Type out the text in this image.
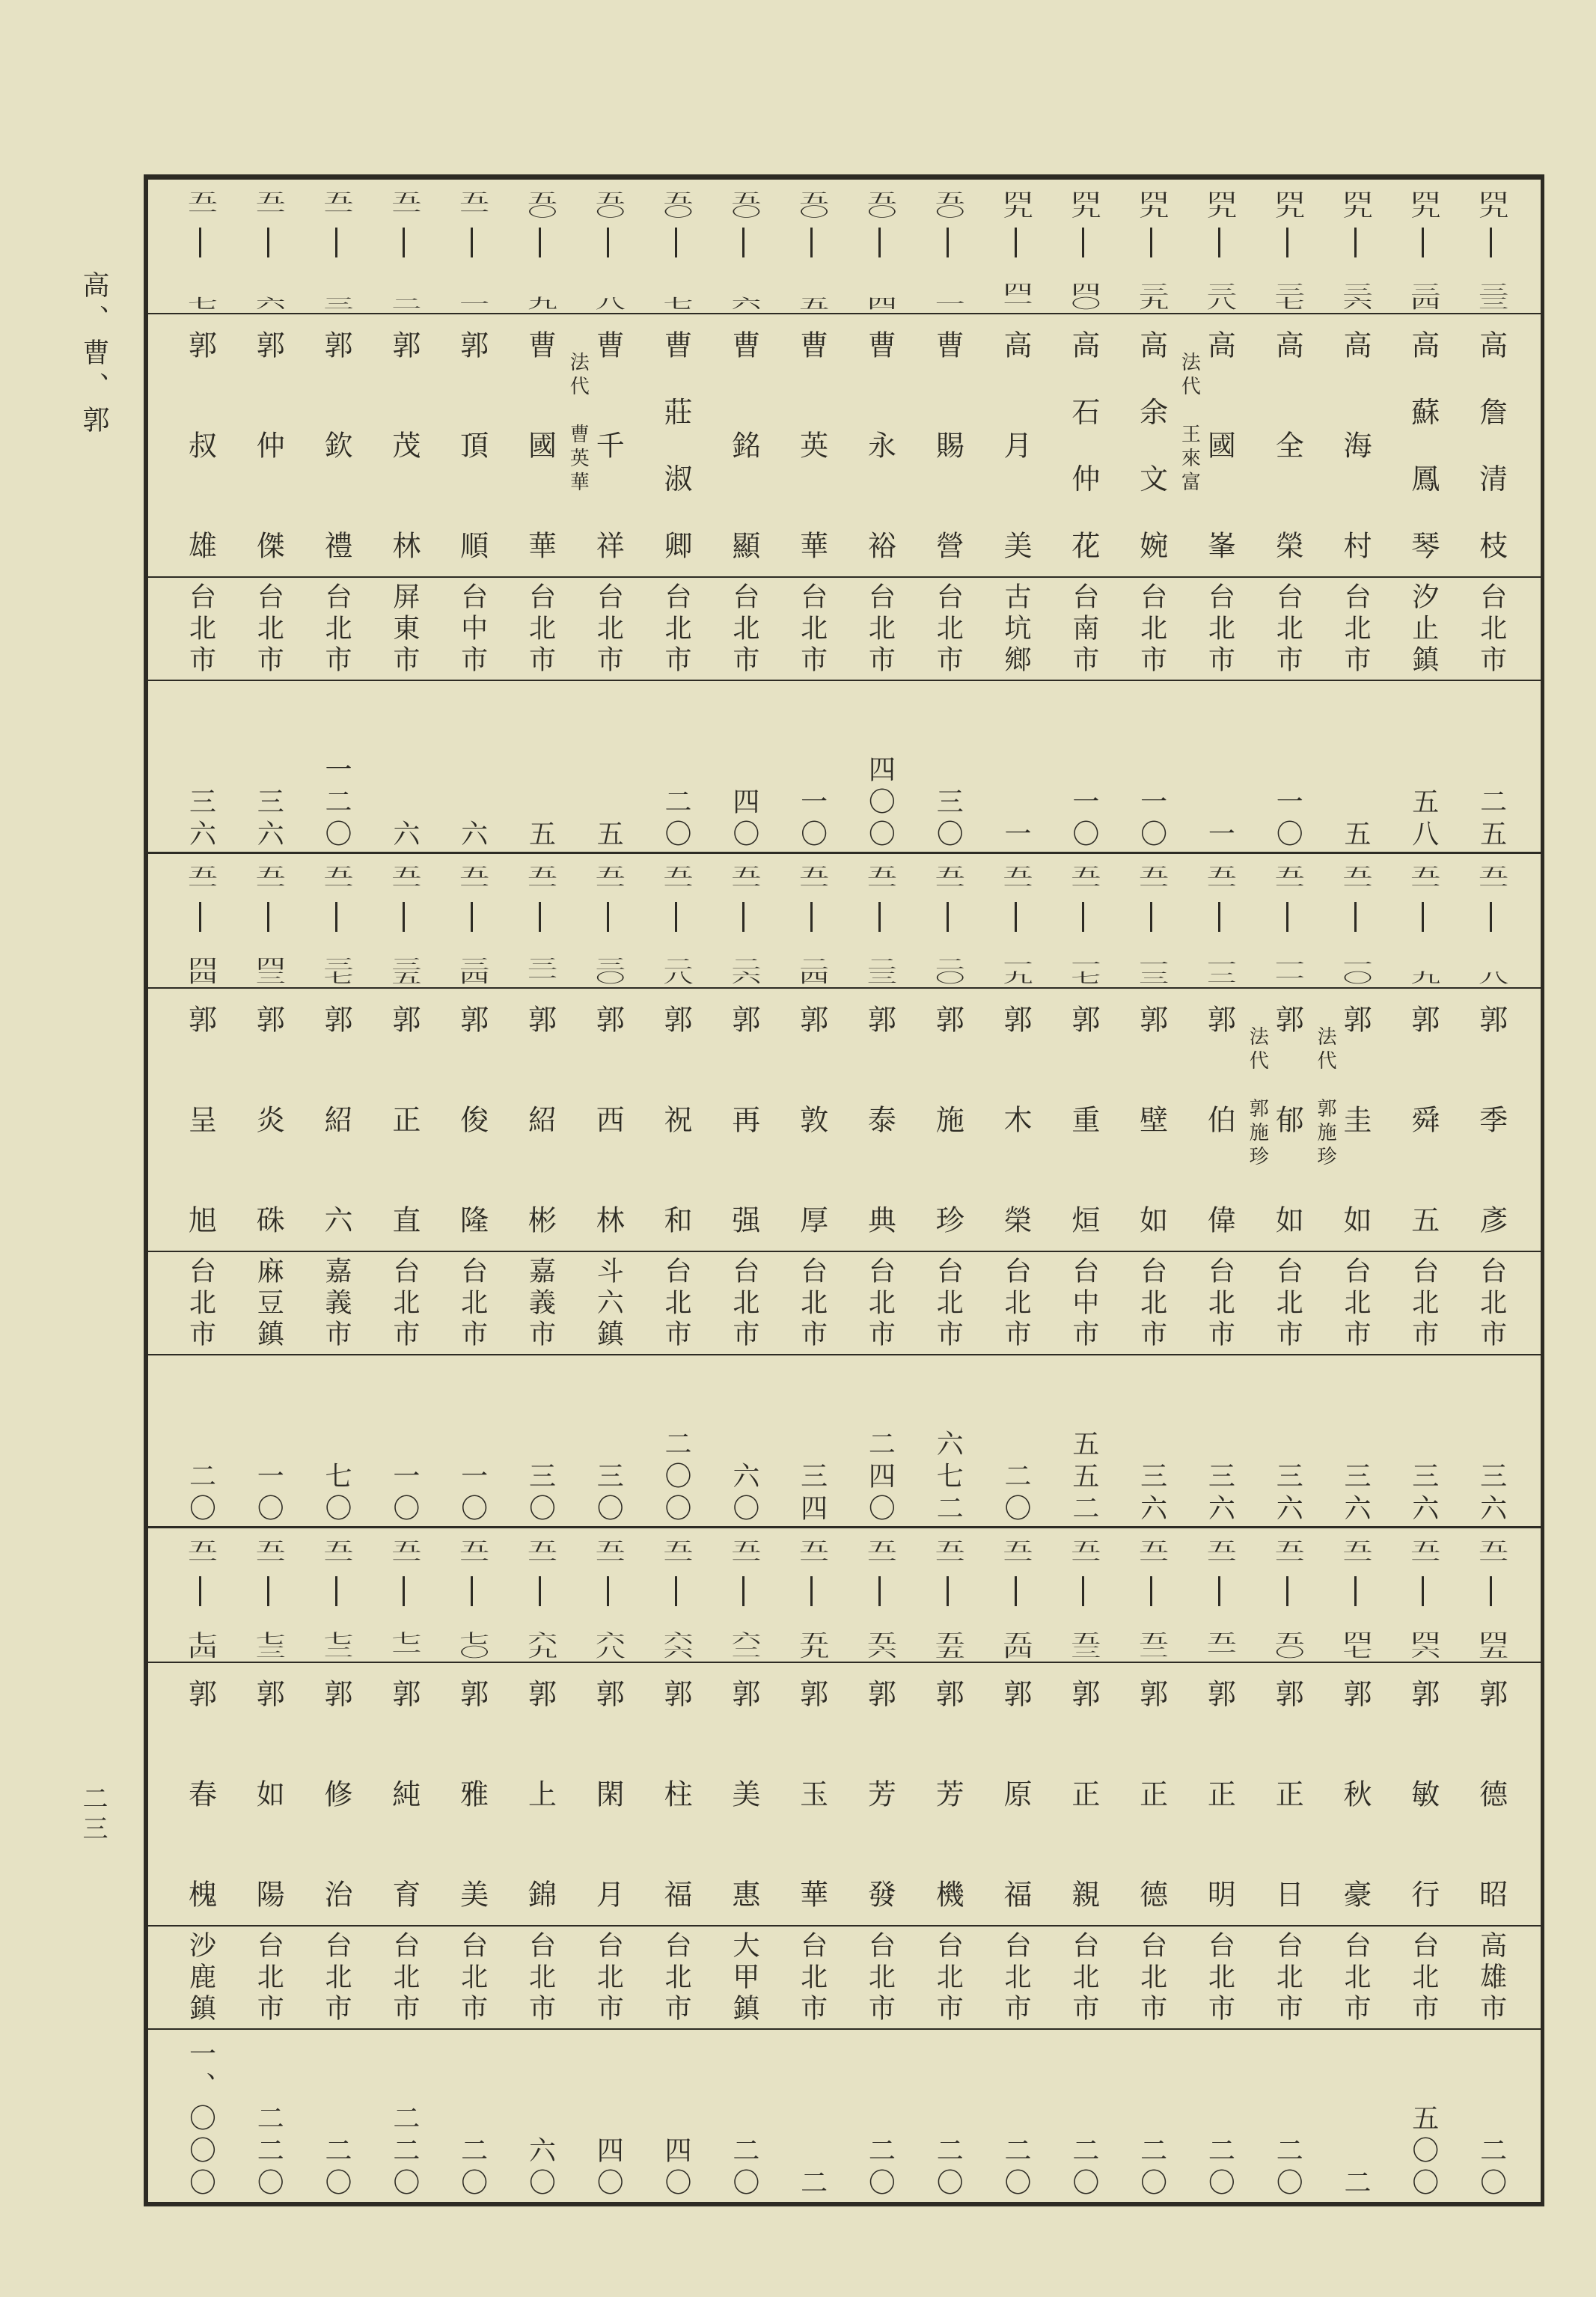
高、曹、郭
二三
四九
三三
高詹清枝
台北市
二五
四九
三四
高蘇鳳琴
汐止鎮
五八
四九
三六
高海村
台北市
五
四九
三七
高全榮
台北市
一〇
四九
三八
高國峯
法代
王來富
台北市
一
四九
三九
高余文婉
台北市
一〇
四九
四〇
高石仲花
台南市
一〇
四九
四一
高月美
古坑鄉
一
五〇
一
曹賜營
台北市
三〇
五〇
四
曹永裕
台北市
四〇〇
五〇
五
曹英華
台北市
一〇
五〇
六
曹銘顯
台北市
四〇
五〇
七
曹莊淑卿
台北市
二〇
五〇
八
曹千祥
法代
曹英華
台北市
五
五〇
九
曹國華
台北市
五
五一
一
郭頂順
台中市
六
五一
二
郭茂林
屏東市
六
五一
三
郭欽禮
台北市
一二〇
五一
六
郭仲傑
台北市
三六
五一
七
郭叔雄
台北市
三六
五一
八
郭季彥
台北市
三六
五一
九
郭舜五
台北市
三六
五一
一〇
郭圭如
法代
郭施珍
台北市
三六
五一
一一
郭郁如
法代
郭施珍
台北市
三六
五一
一二
郭伯偉
台北市
三六
五一
一三
郭壁如
台北市
三六
五一
一七
郭重烜
台中市
五五二
五一
一九
郭木榮
台北市
二〇
五一
二〇
郭施珍
台北市
六七二
五一
二三
郭泰典
台北市
二四〇
五一
二四
郭敦厚
台北市
三四
五一
二六
郭再强
台北市
六〇
五一
二八
郭祝和
台北市
二〇〇
五一
三〇
郭西林
斗六鎮
三〇
五一
三一
郭紹彬
嘉義市
三〇
五一
三四
郭俊隆
台北市
一〇
五一
三五
郭正直
台北市
一〇
五一
三七
郭紹六
嘉義市
七〇
五一
四三
郭炎硃
麻豆鎮
一〇
五一
四四
郭呈旭
台北市
二〇
五一
四五
郭德昭
高雄市
二〇
五一
四六
郭敏行
台北市
五〇〇
五一
四七
郭秋豪
台北市
二
五一
五〇
郭正日
台北市
二〇
五一
五一
郭正明
台北市
二〇
五一
五二
郭正德
台北市
二〇
五一
五三
郭正親
台北市
二〇
五一
五四
郭原福
台北市
二〇
五一
五五
郭芳機
台北市
二〇
五一
五六
郭芳發
台北市
二〇
五一
五九
郭玉華
台北市
二
五一
六二
郭美惠
大甲鎮
二〇
五一
六六
郭柱福
台北市
四〇
五一
六八
郭閑月
台北市
四〇
五一
六九
郭上錦
台北市
六〇
五一
七〇
郭雅美
台北市
二〇
五一
七一
郭純育
台北市
二二〇
五一
七二
郭修治
台北市
二〇
五一
七三
郭如陽
台北市
二二〇
五一
七四
郭春槐
沙鹿鎮
一、〇〇〇
